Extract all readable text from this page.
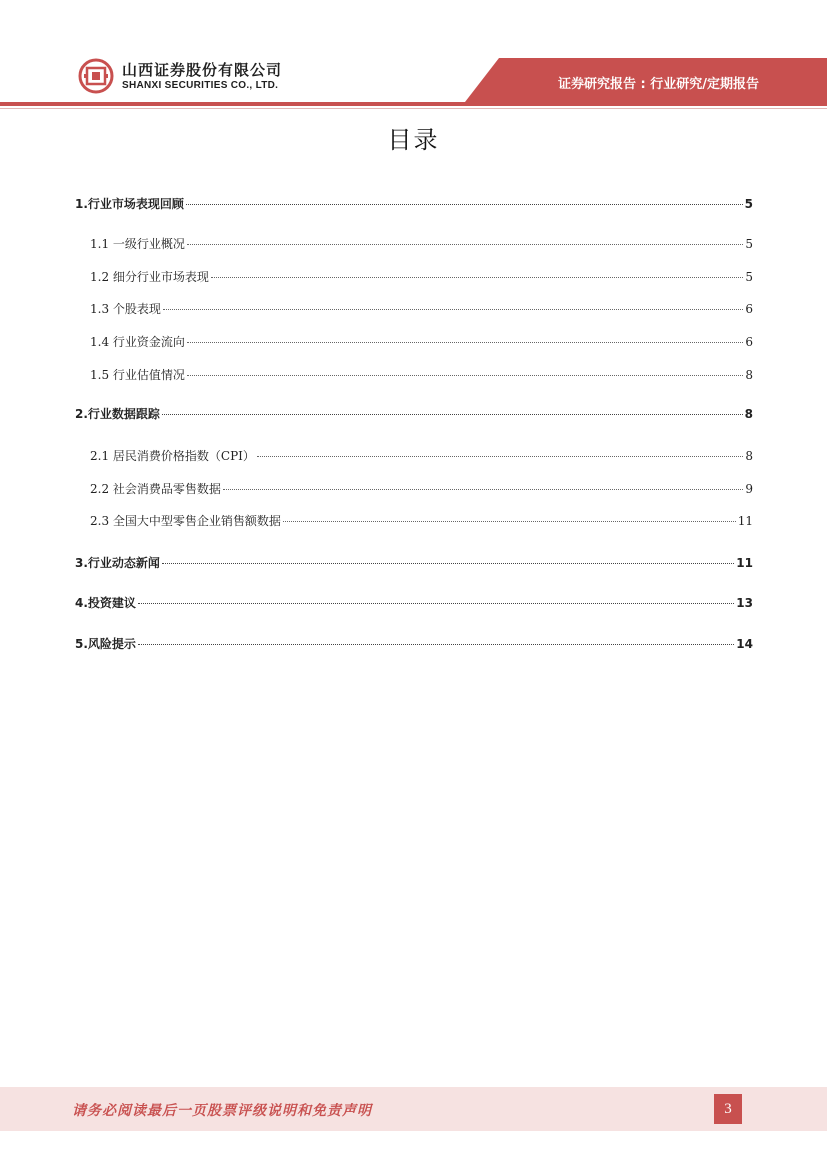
山西证券股份有限公司
SHANXI SECURITIES CO., LTD.	证券研究报告 : 行业研究/定期报告
目录
1.行业市场表现回顾	5
1.1 一级行业概况	5
1.2 细分行业市场表现	5
1.3 个股表现	6
1.4 行业资金流向	6
1.5 行业估值情况	8
2.行业数据跟踪	8
2.1 居民消费价格指数（CPI）	8
2.2 社会消费品零售数据	9
2.3 全国大中型零售企业销售额数据	11
3.行业动态新闻	11
4.投资建议	13
5.风险提示	14
请务必阅读最后一页股票评级说明和免责声明	3
